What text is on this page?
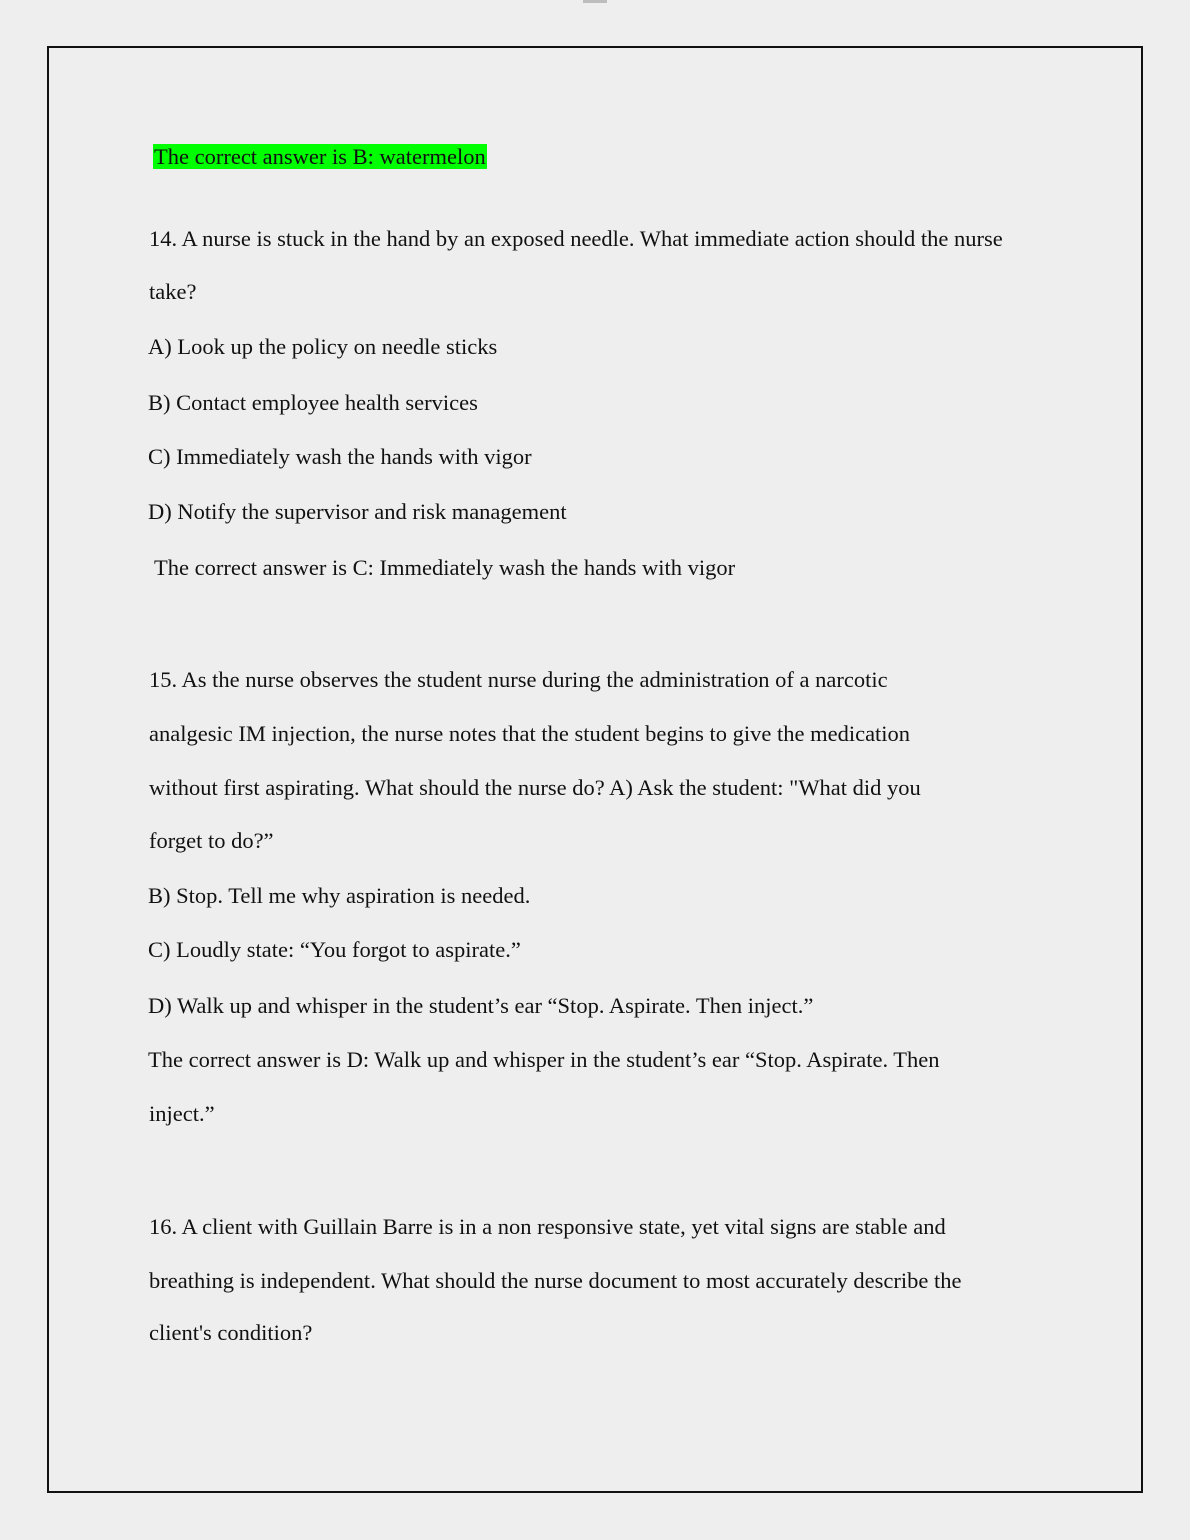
The correct answer is B: watermelon

14. A nurse is stuck in the hand by an exposed needle. What immediate action should the nurse

take?

A) Look up the policy on needle sticks

B) Contact employee health services

C) Immediately wash the hands with vigor

D) Notify the supervisor and risk management

The correct answer is C: Immediately wash the hands with vigor

15. As the nurse observes the student nurse during the administration of a narcotic

analgesic IM injection, the nurse notes that the student begins to give the medication

without first aspirating. What should the nurse do? A) Ask the student: "What did you

forget to do?”

B) Stop. Tell me why aspiration is needed.

C) Loudly state: “You forgot to aspirate.”

D) Walk up and whisper in the student’s ear “Stop. Aspirate. Then inject.”

The correct answer is D: Walk up and whisper in the student’s ear “Stop. Aspirate. Then

inject.”

16. A client with Guillain Barre is in a non responsive state, yet vital signs are stable and

breathing is independent. What should the nurse document to most accurately describe the

client's condition?
